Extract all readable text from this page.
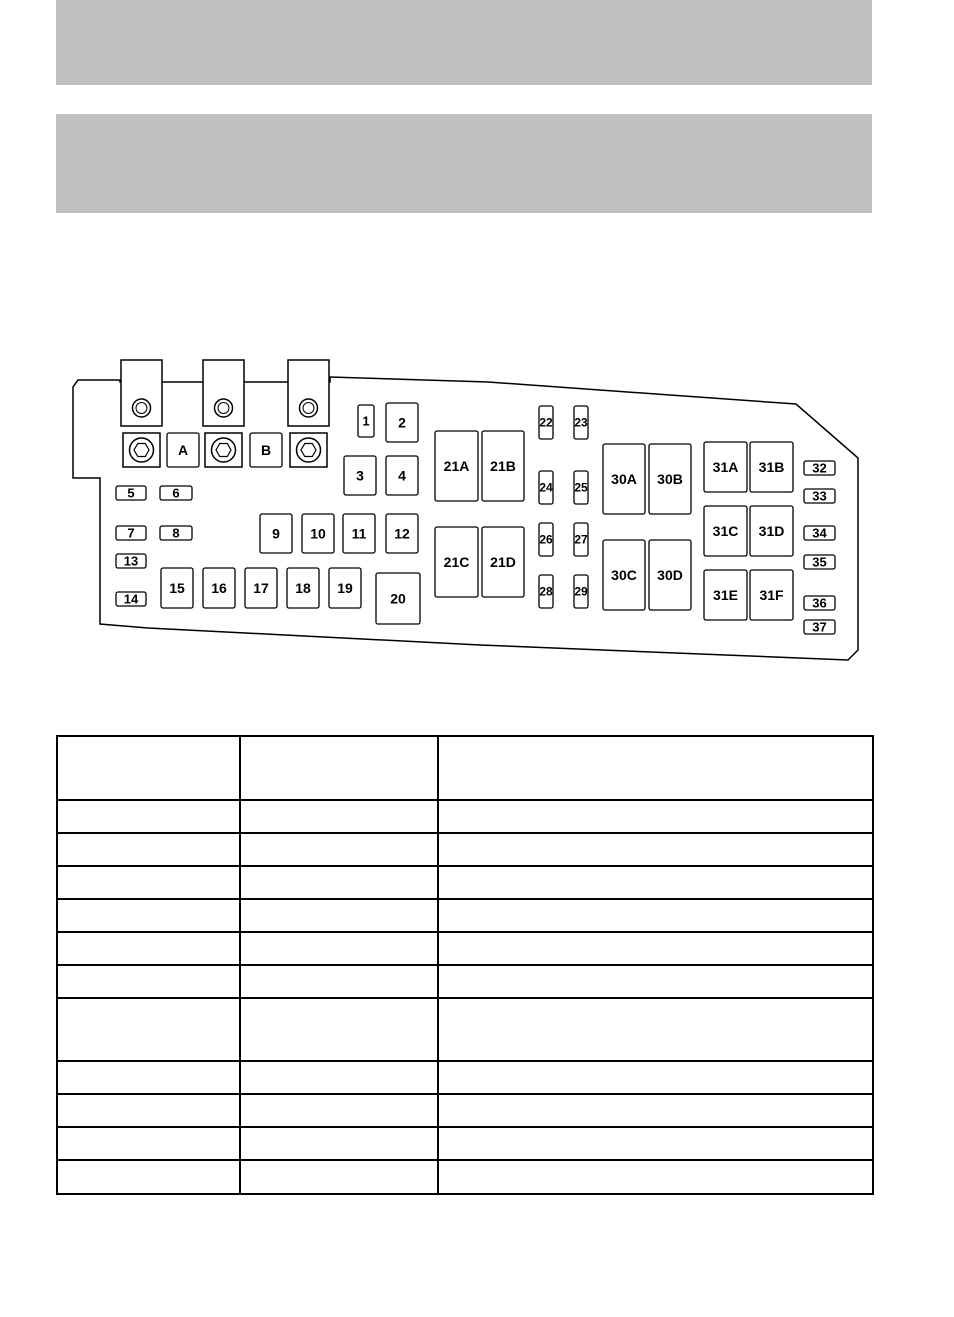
A	B
1 2
3 4
5	6
7	8	9 10 11 12
13
14
15 16 17 18 19
20
21A 21B
21C 21D
22 23
24 25
26 27
28 29
30A 30B
30C 30D
31A 31B
31C 31D
31E 31F
32
33
34
35
36
37
